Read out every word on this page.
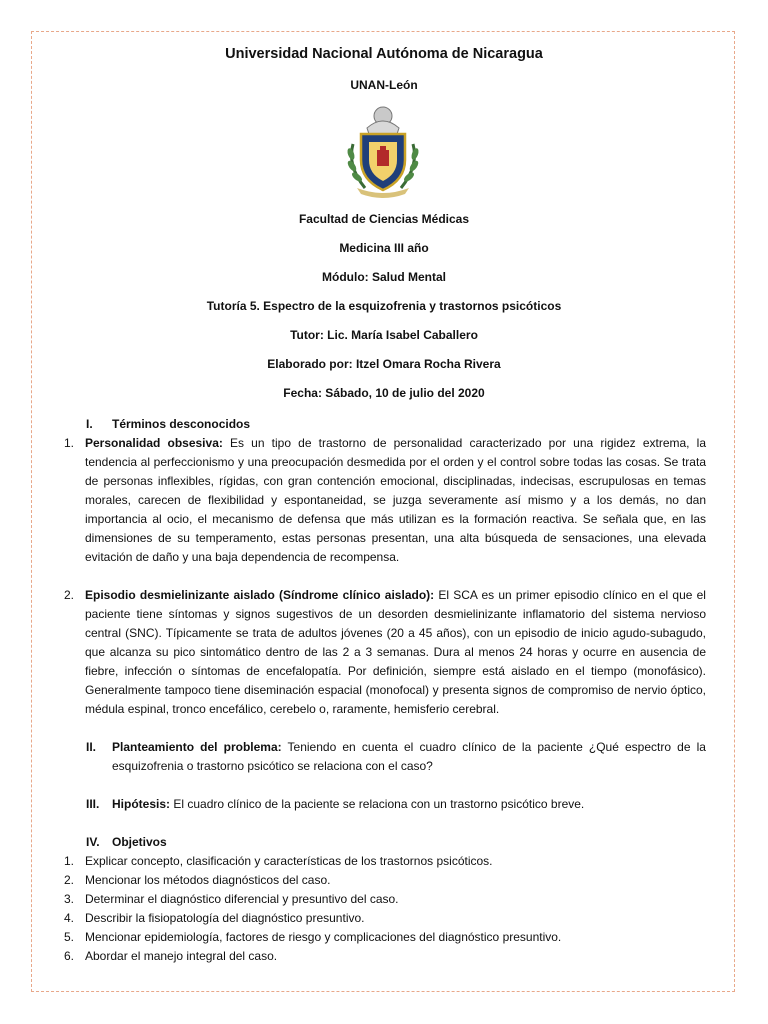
Universidad Nacional Autónoma de Nicaragua
UNAN-León
Facultad de Ciencias Médicas
Medicina III año
Módulo: Salud Mental
Tutoría 5. Espectro de la esquizofrenia y trastornos psicóticos
Tutor: Lic. María Isabel Caballero
Elaborado por: Itzel Omara Rocha Rivera
Fecha: Sábado, 10 de julio del 2020
I.	Términos desconocidos
1. Personalidad obsesiva: Es un tipo de trastorno de personalidad caracterizado por una rigidez extrema, la tendencia al perfeccionismo y una preocupación desmedida por el orden y el control sobre todas las cosas. Se trata de personas inflexibles, rígidas, con gran contención emocional, disciplinadas, indecisas, escrupulosas en temas morales, carecen de flexibilidad y espontaneidad, se juzga severamente así mismo y a los demás, no dan importancia al ocio, el mecanismo de defensa que más utilizan es la formación reactiva. Se señala que, en las dimensiones de su temperamento, estas personas presentan, una alta búsqueda de sensaciones, una elevada evitación de daño y una baja dependencia de recompensa.
2. Episodio desmielinizante aislado (Síndrome clínico aislado): El SCA es un primer episodio clínico en el que el paciente tiene síntomas y signos sugestivos de un desorden desmielinizante inflamatorio del sistema nervioso central (SNC). Típicamente se trata de adultos jóvenes (20 a 45 años), con un episodio de inicio agudo-subagudo, que alcanza su pico sintomático dentro de las 2 a 3 semanas. Dura al menos 24 horas y ocurre en ausencia de fiebre, infección o síntomas de encefalopatía. Por definición, siempre está aislado en el tiempo (monofásico). Generalmente tampoco tiene diseminación espacial (monofocal) y presenta signos de compromiso de nervio óptico, médula espinal, tronco encefálico, cerebelo o, raramente, hemisferio cerebral.
II.	Planteamiento del problema: Teniendo en cuenta el cuadro clínico de la paciente ¿Qué espectro de la esquizofrenia o trastorno psicótico se relaciona con el caso?
III.	Hipótesis: El cuadro clínico de la paciente se relaciona con un trastorno psicótico breve.
IV.	Objetivos
1. Explicar concepto, clasificación y características de los trastornos psicóticos.
2. Mencionar los métodos diagnósticos del caso.
3. Determinar el diagnóstico diferencial y presuntivo del caso.
4. Describir la fisiopatología del diagnóstico presuntivo.
5. Mencionar epidemiología, factores de riesgo y complicaciones del diagnóstico presuntivo.
6. Abordar el manejo integral del caso.
